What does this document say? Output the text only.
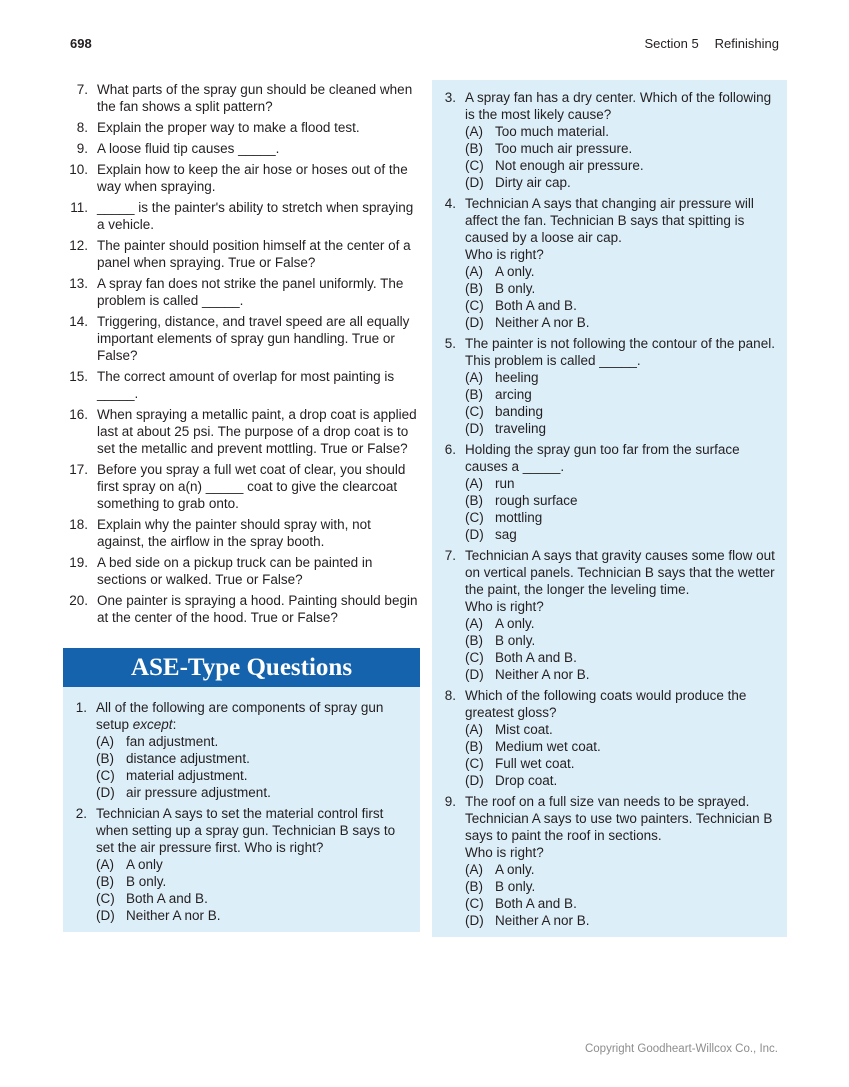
698	Section 5 Refinishing
7. What parts of the spray gun should be cleaned when the fan shows a split pattern?
8. Explain the proper way to make a flood test.
9. A loose fluid tip causes _____.
10. Explain how to keep the air hose or hoses out of the way when spraying.
11. _____ is the painter's ability to stretch when spraying a vehicle.
12. The painter should position himself at the center of a panel when spraying. True or False?
13. A spray fan does not strike the panel uniformly. The problem is called _____.
14. Triggering, distance, and travel speed are all equally important elements of spray gun handling. True or False?
15. The correct amount of overlap for most painting is _____.
16. When spraying a metallic paint, a drop coat is applied last at about 25 psi. The purpose of a drop coat is to set the metallic and prevent mottling. True or False?
17. Before you spray a full wet coat of clear, you should first spray on a(n) _____ coat to give the clearcoat something to grab onto.
18. Explain why the painter should spray with, not against, the airflow in the spray booth.
19. A bed side on a pickup truck can be painted in sections or walked. True or False?
20. One painter is spraying a hood. Painting should begin at the center of the hood. True or False?
ASE-Type Questions
1. All of the following are components of spray gun setup except:
(A) fan adjustment.
(B) distance adjustment.
(C) material adjustment.
(D) air pressure adjustment.
2. Technician A says to set the material control first when setting up a spray gun. Technician B says to set the air pressure first. Who is right?
(A) A only
(B) B only.
(C) Both A and B.
(D) Neither A nor B.
3. A spray fan has a dry center. Which of the following is the most likely cause?
(A) Too much material.
(B) Too much air pressure.
(C) Not enough air pressure.
(D) Dirty air cap.
4. Technician A says that changing air pressure will affect the fan. Technician B says that spitting is caused by a loose air cap.
Who is right?
(A) A only.
(B) B only.
(C) Both A and B.
(D) Neither A nor B.
5. The painter is not following the contour of the panel. This problem is called _____.
(A) heeling
(B) arcing
(C) banding
(D) traveling
6. Holding the spray gun too far from the surface causes a _____.
(A) run
(B) rough surface
(C) mottling
(D) sag
7. Technician A says that gravity causes some flow out on vertical panels. Technician B says that the wetter the paint, the longer the leveling time.
Who is right?
(A) A only.
(B) B only.
(C) Both A and B.
(D) Neither A nor B.
8. Which of the following coats would produce the greatest gloss?
(A) Mist coat.
(B) Medium wet coat.
(C) Full wet coat.
(D) Drop coat.
9. The roof on a full size van needs to be sprayed. Technician A says to use two painters. Technician B says to paint the roof in sections.
Who is right?
(A) A only.
(B) B only.
(C) Both A and B.
(D) Neither A nor B.
Copyright Goodheart-Willcox Co., Inc.
